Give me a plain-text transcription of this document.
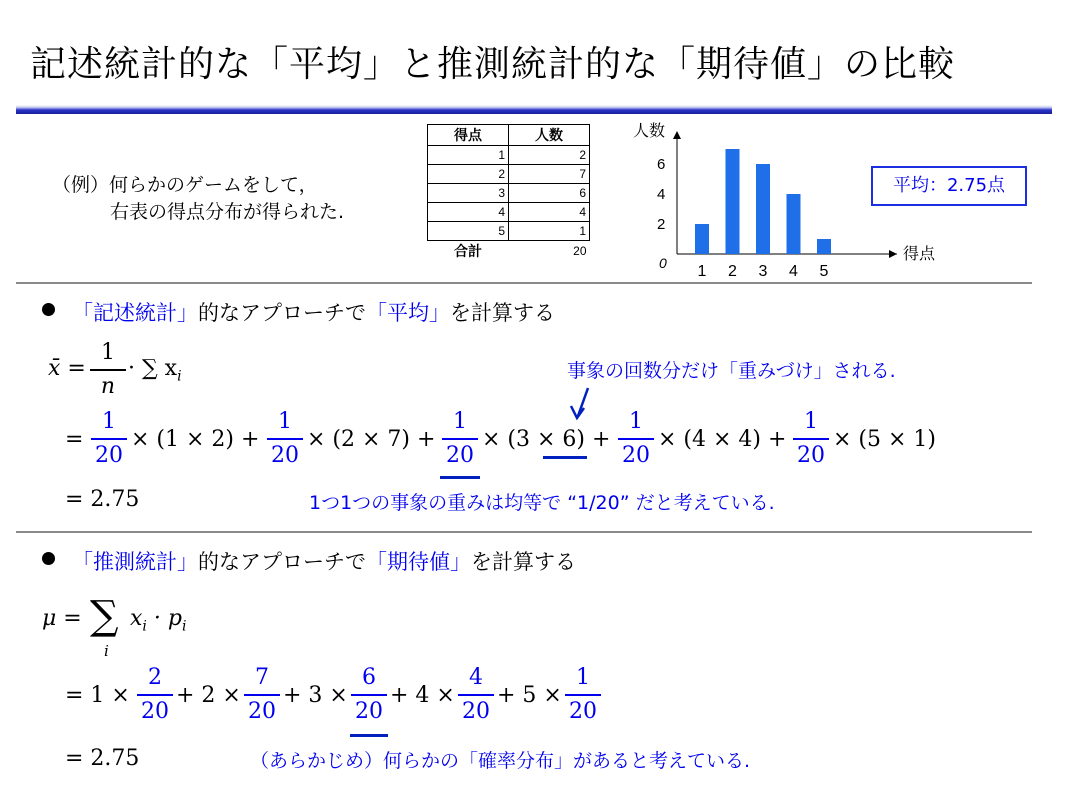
記述統計的な「平均」と推測統計的な「期待値」の比較
（例）何らかのゲームをして，
右表の得点分布が得られた.
得点	人数
1	2
2	7
3	6
4	4
5	1
合計	20
人数
得点
0
2
4
6
1 2 3 4 5
平均：2.75点
「記述統計」的なアプローチで「平均」を計算する
x̄ =
1
n
· ∑ $x_i$	事象の回数分だけ「重みづけ」される.
=
1
20
× (1 × 2) +
1
20
× (2 × 7) +
1
20
× (3 × 6) +
1
20
× (4 × 4) +
1
20
× (5 × 1)
= 2.75	1つ1つの事象の重みは均等で “1/20” だと考えている.
「推測統計」的なアプローチで「期待値」を計算する
μ = ∑
i
$x_i \cdot p_i$
= 1 ×
2
20
+ 2 ×
7
20
+ 3 ×
6
20
+ 4 ×
4
20
+ 5 ×
1
20
= 2.75	（あらかじめ）何らかの「確率分布」があると考えている.
